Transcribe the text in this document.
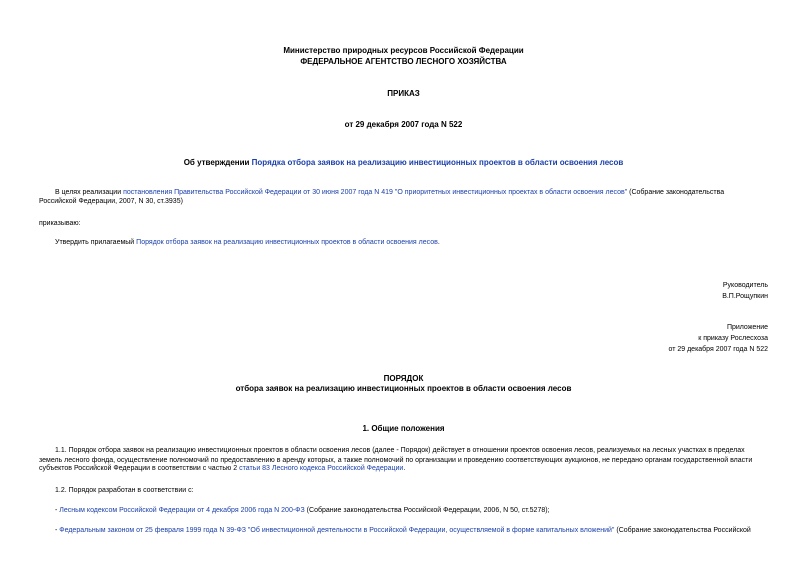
Министерство природных ресурсов Российской Федерации
ФЕДЕРАЛЬНОЕ АГЕНТСТВО ЛЕСНОГО ХОЗЯЙСТВА
ПРИКАЗ
от 29 декабря 2007 года N 522
Об утверждении Порядка отбора заявок на реализацию инвестиционных проектов в области освоения лесов
В целях реализации постановления Правительства Российской Федерации от 30 июня 2007 года N 419 "О приоритетных инвестиционных проектах в области освоения лесов" (Собрание законодательства
Российской Федерации, 2007, N 30, ст.3935)
приказываю:
Утвердить прилагаемый Порядок отбора заявок на реализацию инвестиционных проектов в области освоения лесов.
Руководитель
В.П.Рощупкин
Приложение
к приказу Рослесхоза
от 29 декабря 2007 года N 522
ПОРЯДОК
отбора заявок на реализацию инвестиционных проектов в области освоения лесов
1. Общие положения
1.1. Порядок отбора заявок на реализацию инвестиционных проектов в области освоения лесов (далее - Порядок) действует в отношении проектов освоения лесов, реализуемых на лесных участках в пределах
земель лесного фонда, осуществление полномочий по предоставлению в аренду которых, а также полномочий по организации и проведению соответствующих аукционов, не передано органам государственной власти
субъектов Российской Федерации в соответствии с частью 2 статьи 83 Лесного кодекса Российской Федерации.
1.2. Порядок разработан в соответствии с:
- Лесным кодексом Российской Федерации от 4 декабря 2006 года N 200-ФЗ (Собрание законодательства Российской Федерации, 2006, N 50, ст.5278);
- Федеральным законом от 25 февраля 1999 года N 39-ФЗ "Об инвестиционной деятельности в Российской Федерации, осуществляемой в форме капитальных вложений" (Собрание законодательства Российской
